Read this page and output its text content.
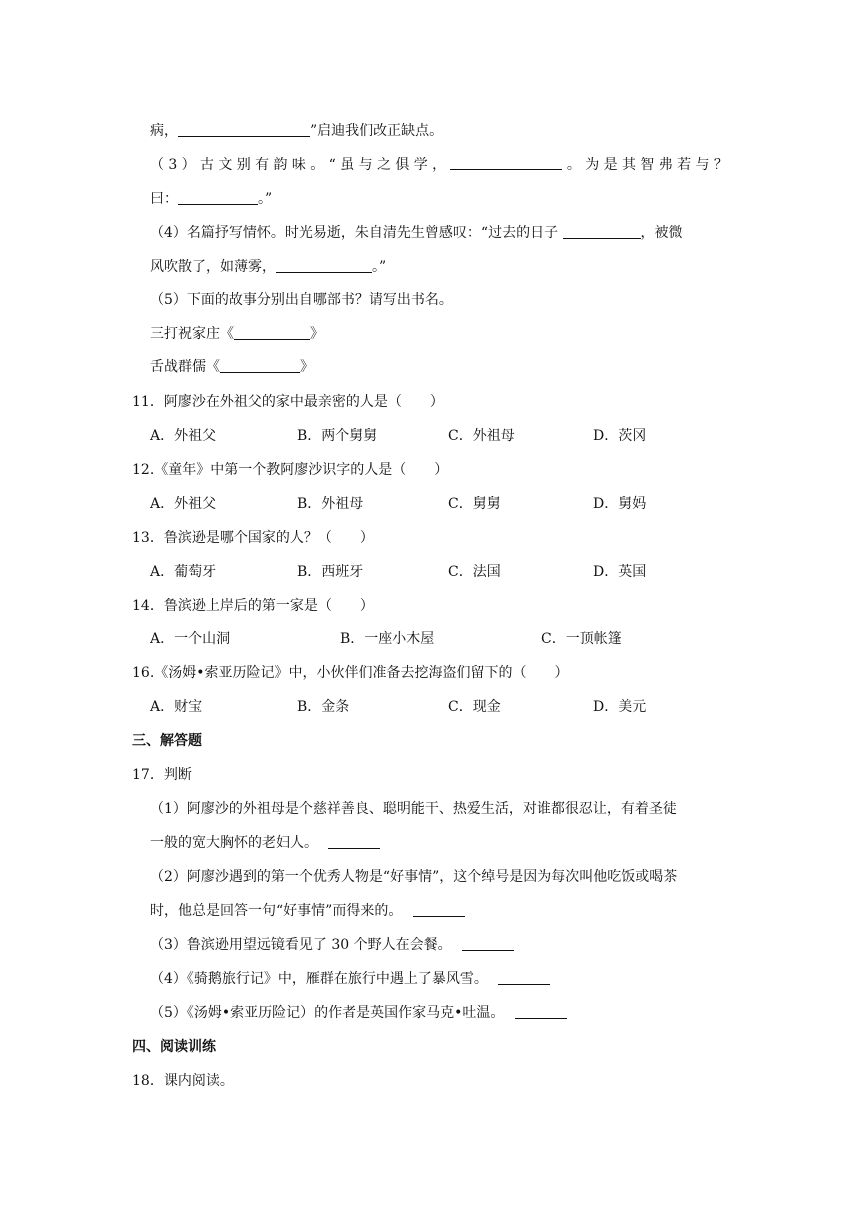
病，	”启迪我们改正缺点。
（ 3 ） 古 文 别 有 韵 味 。 “ 虽 与 之 俱 学 ，	。 为 是 其 智 弗 若 与 ？
曰：	。”
（4）名篇抒写情怀。时光易逝，朱自清先生曾感叹：“过去的日子	，被微
风吹散了，如薄雾，	。”
（5）下面的故事分别出自哪部书？请写出书名。
三打祝家庄《	》
舌战群儒《	》
11．阿廖沙在外祖父的家中最亲密的人是（　　）
A．外祖父	B．两个舅舅	C．外祖母	D．茨冈
12.《童年》中第一个教阿廖沙识字的人是（　　）
A．外祖父	B．外祖母	C．舅舅	D．舅妈
13．鲁滨逊是哪个国家的人？（　　）
A．葡萄牙	B．西班牙	C．法国	D．英国
14．鲁滨逊上岸后的第一家是（　　）
A．一个山洞	B．一座小木屋	C．一顶帐篷
16.《汤姆•索亚历险记》中，小伙伴们准备去挖海盗们留下的（　　）
A．财宝	B．金条	C．现金	D．美元
三、解答题
17．判断
（1）阿廖沙的外祖母是个慈祥善良、聪明能干、热爱生活，对谁都很忍让，有着圣徒
一般的宽大胸怀的老妇人。
（2）阿廖沙遇到的第一个优秀人物是“好事情”，这个绰号是因为每次叫他吃饭或喝茶
时，他总是回答一句“好事情”而得来的。
（3）鲁滨逊用望远镜看见了 30 个野人在会餐。
（4）《骑鹅旅行记》中，雁群在旅行中遇上了暴风雪。
（5）《汤姆•索亚历险记）的作者是英国作家马克•吐温。
四、阅读训练
18．课内阅读。
